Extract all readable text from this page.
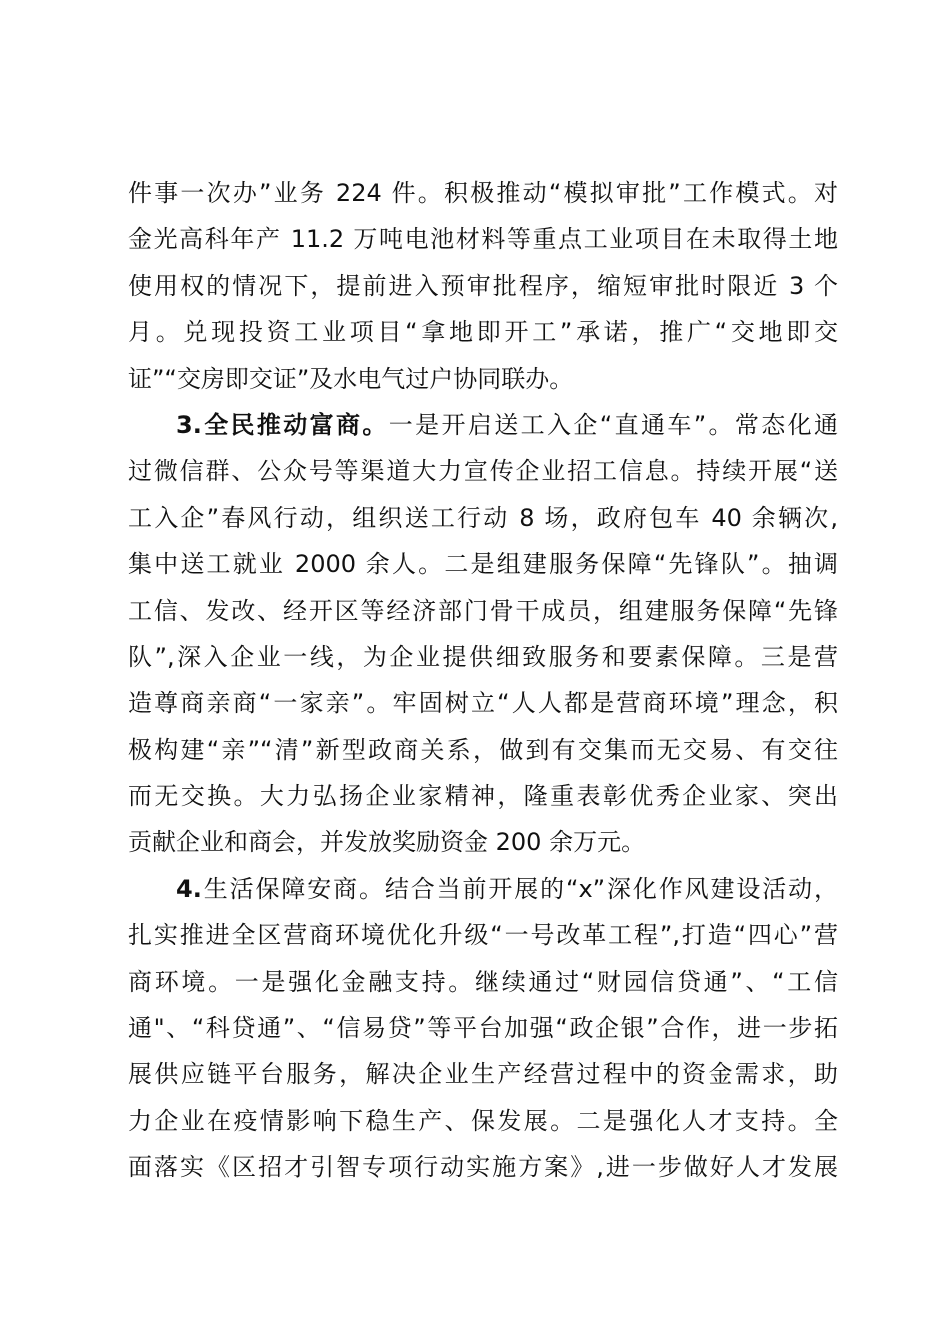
件事一次办”业务 224 件。积极推动“模拟审批”工作模式。对
金光高科年产 11.2 万吨电池材料等重点工业项目在未取得土地
使用权的情况下，提前进入预审批程序，缩短审批时限近 3 个
月。兑现投资工业项目“拿地即开工”承诺，推广“交地即交
证”“交房即交证”及水电气过户协同联办。
3.全民推动富商。一是开启送工入企“直通车”。常态化通
过微信群、公众号等渠道大力宣传企业招工信息。持续开展“送
工入企”春风行动，组织送工行动 8 场，政府包车 40 余辆次,
集中送工就业 2000 余人。二是组建服务保障“先锋队”。抽调
工信、发改、经开区等经济部门骨干成员，组建服务保障“先锋
队”,深入企业一线，为企业提供细致服务和要素保障。三是营
造尊商亲商“一家亲”。牢固树立“人人都是营商环境”理念，积
极构建“亲”“清”新型政商关系，做到有交集而无交易、有交往
而无交换。大力弘扬企业家精神，隆重表彰优秀企业家、突出
贡献企业和商会，并发放奖励资金 200 余万元。
4.生活保障安商。结合当前开展的“x”深化作风建设活动，
扎实推进全区营商环境优化升级“一号改革工程”,打造“四心”营
商环境。一是强化金融支持。继续通过“财园信贷通”、“工信
通"、“科贷通”、“信易贷”等平台加强“政企银”合作，进一步拓
展供应链平台服务，解决企业生产经营过程中的资金需求，助
力企业在疫情影响下稳生产、保发展。二是强化人才支持。全
面落实《区招才引智专项行动实施方案》,进一步做好人才发展
